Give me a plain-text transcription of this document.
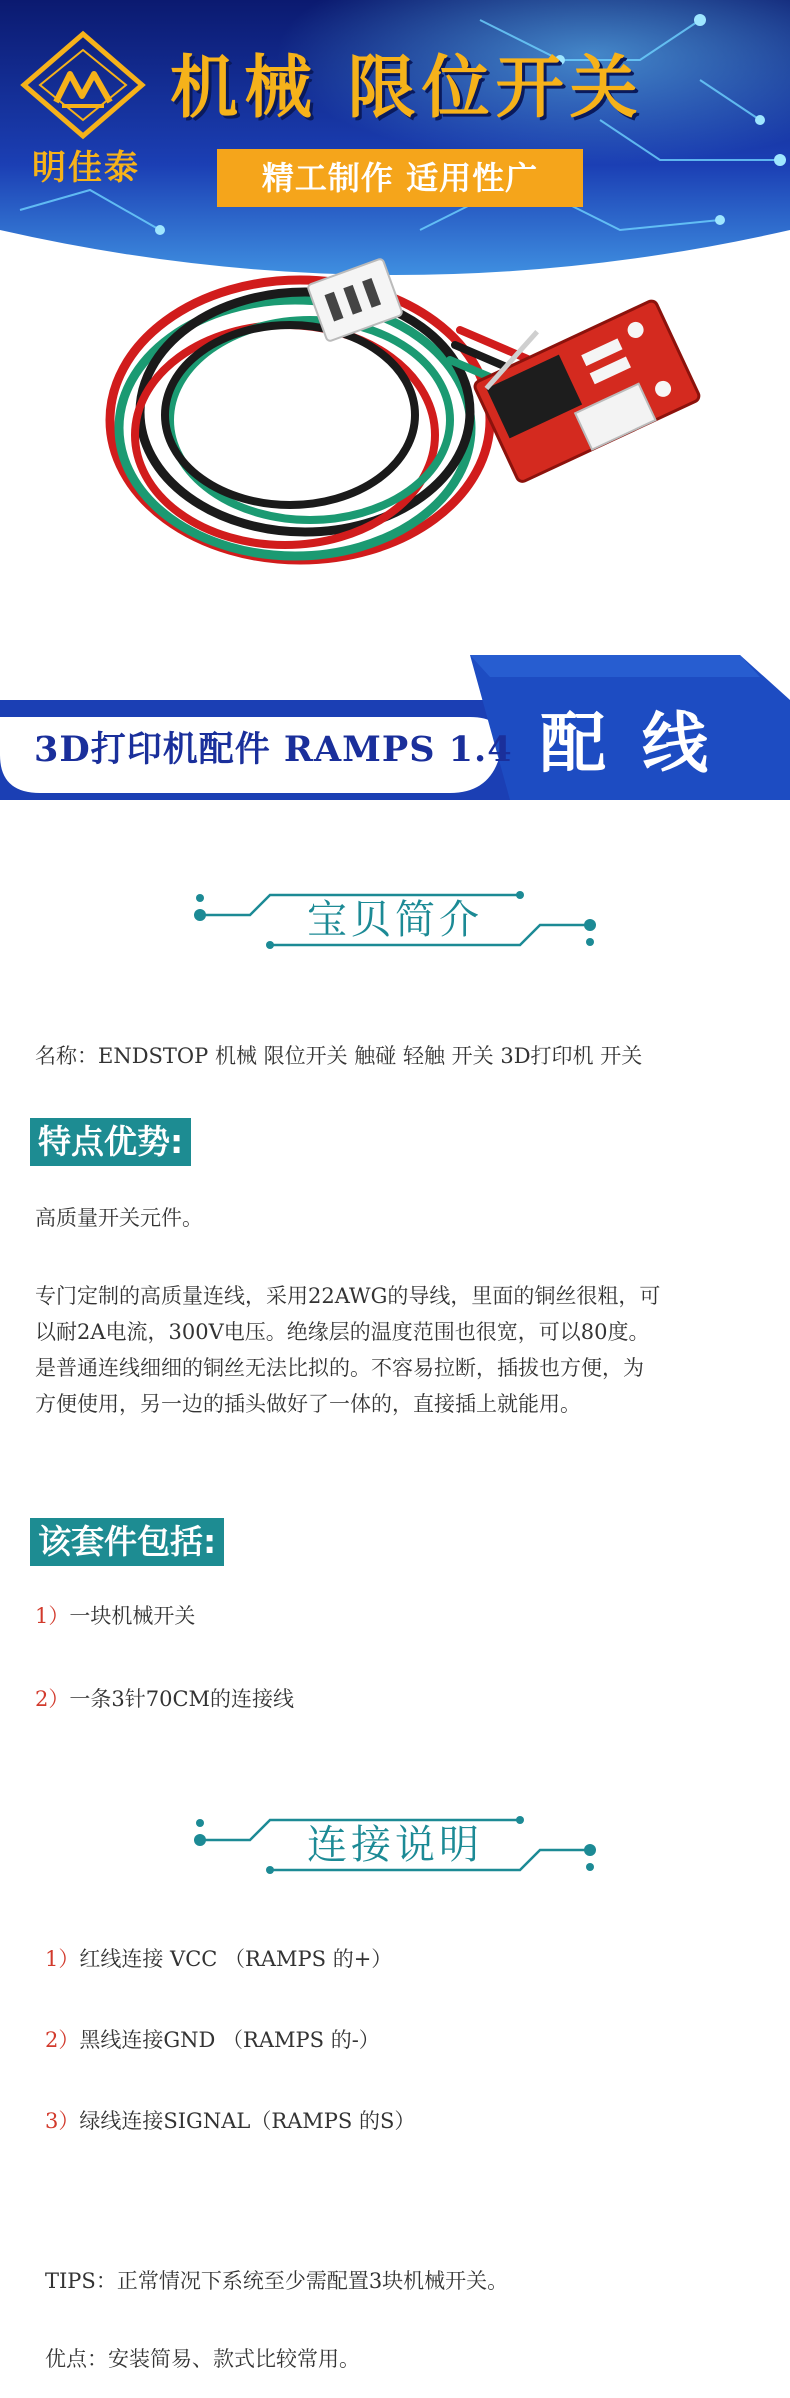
明佳泰
机械 限位开关
精工制作 适用性广
3D打印机配件 RAMPS 1.4 配线
宝贝简介
名称：ENDSTOP 机械 限位开关 触碰 轻触 开关 3D打印机 开关
特点优势:
高质量开关元件。
专门定制的高质量连线，采用22AWG的导线，里面的铜丝很粗，可
以耐2A电流，300V电压。绝缘层的温度范围也很宽，可以80度。
是普通连线细细的铜丝无法比拟的。不容易拉断，插拔也方便，为
方便使用，另一边的插头做好了一体的，直接插上就能用。
该套件包括:
1）一块机械开关
2）一条3针70CM的连接线
连接说明
1）红线连接 VCC （RAMPS 的+）
2）黑线连接GND （RAMPS 的-）
3）绿线连接SIGNAL（RAMPS 的S）
TIPS：正常情况下系统至少需配置3块机械开关。
优点：安装简易、款式比较常用。
